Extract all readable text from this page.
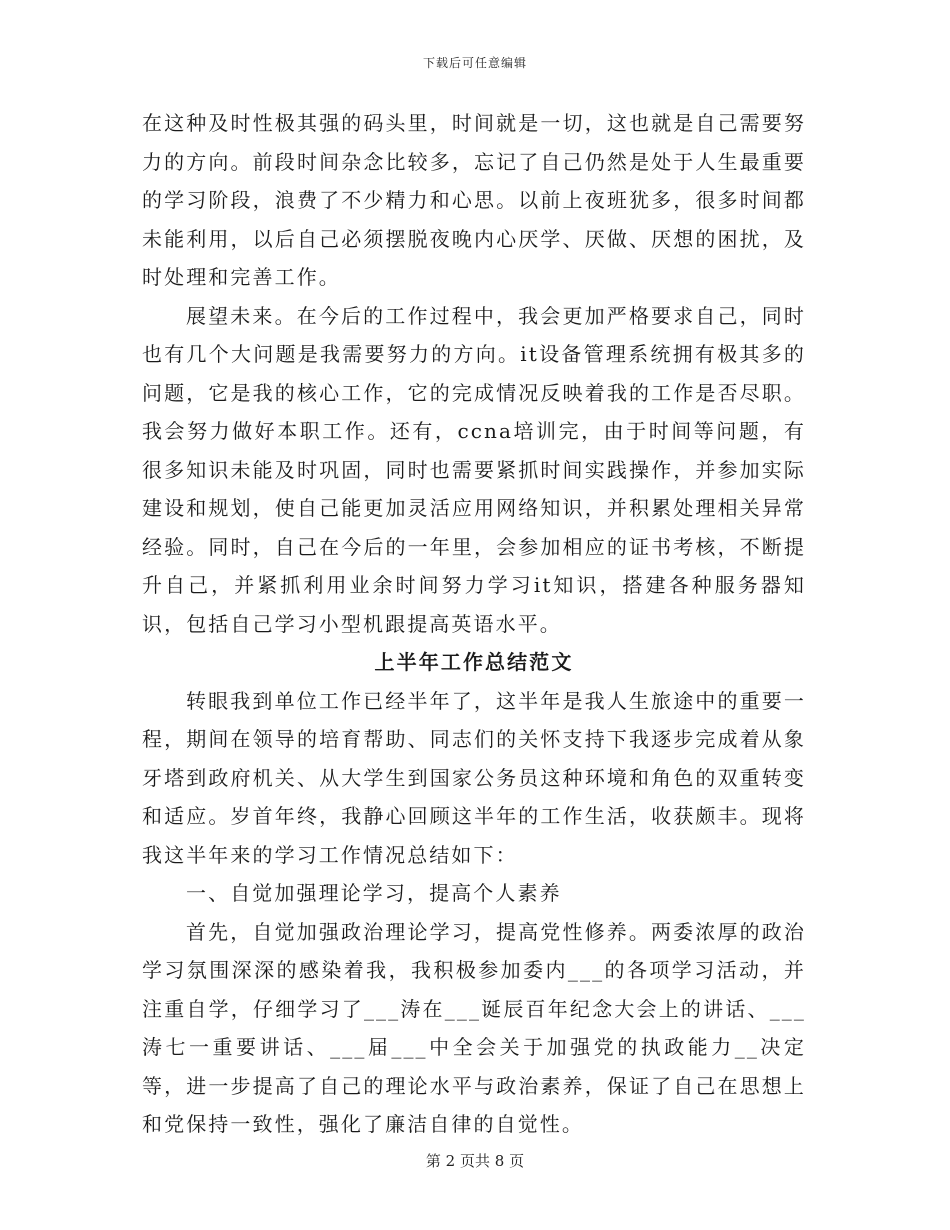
下载后可任意编辑

在这种及时性极其强的码头里，时间就是一切，这也就是自己需要努力的方向。前段时间杂念比较多，忘记了自己仍然是处于人生最重要的学习阶段，浪费了不少精力和心思。以前上夜班犹多，很多时间都未能利用，以后自己必须摆脱夜晚内心厌学、厌做、厌想的困扰，及时处理和完善工作。

展望未来。在今后的工作过程中，我会更加严格要求自己，同时也有几个大问题是我需要努力的方向。it设备管理系统拥有极其多的问题，它是我的核心工作，它的完成情况反映着我的工作是否尽职。我会努力做好本职工作。还有，ccna培训完，由于时间等问题，有很多知识未能及时巩固，同时也需要紧抓时间实践操作，并参加实际建设和规划，使自己能更加灵活应用网络知识，并积累处理相关异常经验。同时，自己在今后的一年里，会参加相应的证书考核，不断提升自己，并紧抓利用业余时间努力学习it知识，搭建各种服务器知识，包括自己学习小型机跟提高英语水平。

上半年工作总结范文

转眼我到单位工作已经半年了，这半年是我人生旅途中的重要一程，期间在领导的培育帮助、同志们的关怀支持下我逐步完成着从象牙塔到政府机关、从大学生到国家公务员这种环境和角色的双重转变和适应。岁首年终，我静心回顾这半年的工作生活，收获颇丰。现将我这半年来的学习工作情况总结如下：

一、自觉加强理论学习，提高个人素养

首先，自觉加强政治理论学习，提高党性修养。两委浓厚的政治学习氛围深深的感染着我，我积极参加委内___的各项学习活动，并注重自学，仔细学习了___涛在___诞辰百年纪念大会上的讲话、___涛七一重要讲话、___届___中全会关于加强党的执政能力__决定等，进一步提高了自己的理论水平与政治素养，保证了自己在思想上和党保持一致性，强化了廉洁自律的自觉性。

第 2 页共 8 页
